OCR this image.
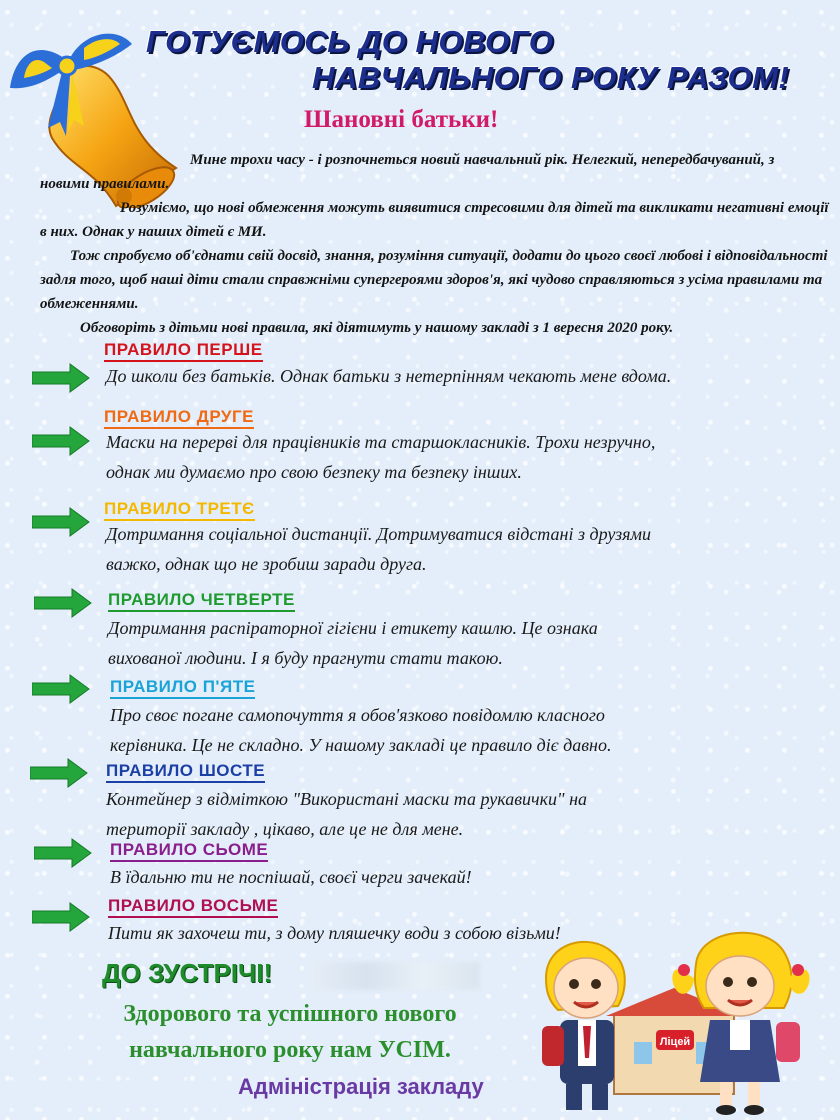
ГОТУЄМОСЬ ДО НОВОГО
НАВЧАЛЬНОГО РОКУ РАЗОМ!
Шановні батьки!

Мине трохи часу - і розпочнеться новий навчальний рік. Нелегкий, непередбачуваний, з новими правилами.

Розуміємо, що нові обмеження можуть виявитися стресовими для дітей та викликати негативні емоції в них. Однак у наших дітей є МИ.

Тож спробуємо об'єднати свій досвід, знання, розуміння ситуації, додати до цього своєї любові і відповідальності задля того, щоб наші діти стали справжніми супергероями здоров'я, які чудово справляються з усіма правилами та обмеженнями.

Обговоріть з дітьми нові правила, які діятимуть у нашому закладі з 1 вересня 2020 року.

ПРАВИЛО ПЕРШЕ
До школи без батьків. Однак батьки з нетерпінням чекають мене вдома.
ПРАВИЛО ДРУГЕ
Маски на перерві для працівників та старшокласників. Трохи незручно,
однак ми думаємо про свою безпеку та безпеку інших.
ПРАВИЛО ТРЕТЄ
Дотримання соціальної дистанції. Дотримуватися відстані з друзями
важко, однак що не зробиш заради друга.
ПРАВИЛО ЧЕТВЕРТЕ
Дотримання распіраторної гігієни і етикету кашлю. Це ознака
вихованої людини. І я буду прагнути стати такою.
ПРАВИЛО П'ЯТЕ
Про своє погане самопочуття я обов'язково повідомлю класного
керівника. Це не складно. У нашому закладі це правило діє давно.
ПРАВИЛО ШОСТЕ
Контейнер з відміткою "Використані маски та рукавички" на
території закладу , цікаво, але це не для мене.
ПРАВИЛО СЬОМЕ
В їдальню ти не поспішай, своєї черги зачекай!
ПРАВИЛО ВОСЬМЕ
Пити як захочеш ти, з дому пляшечку води з собою візьми!
ДО ЗУСТРІЧІ!
Здорового та успішного нового
навчального року нам УСІМ.
Адміністрація закладу
Ліцей
